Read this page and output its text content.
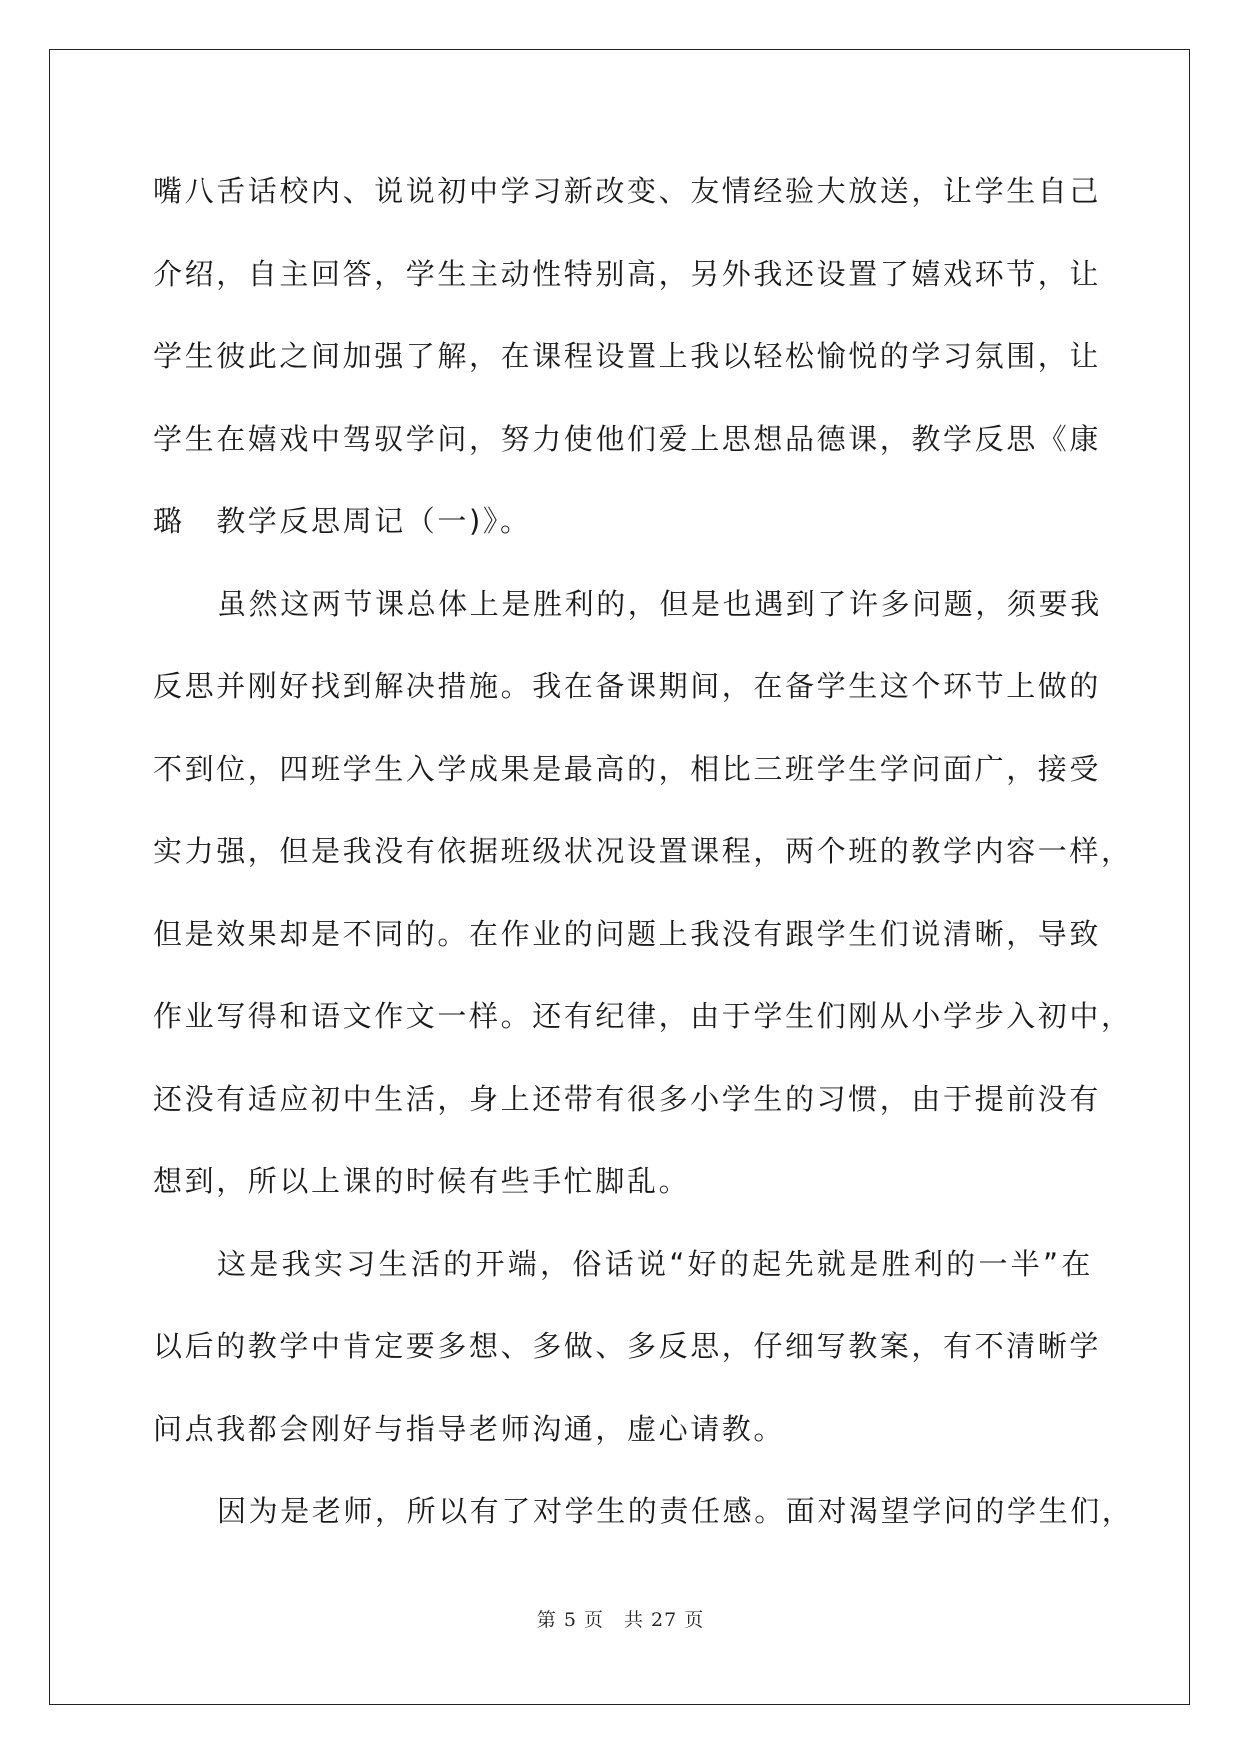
嘴八舌话校内、说说初中学习新改变、友情经验大放送，让学生自己
介绍，自主回答，学生主动性特别高，另外我还设置了嬉戏环节，让
学生彼此之间加强了解，在课程设置上我以轻松愉悦的学习氛围，让
学生在嬉戏中驾驭学问，努力使他们爱上思想品德课，教学反思《康
璐　教学反思周记（一)》。
虽然这两节课总体上是胜利的，但是也遇到了许多问题，须要我
反思并刚好找到解决措施。我在备课期间，在备学生这个环节上做的
不到位，四班学生入学成果是最高的，相比三班学生学问面广，接受
实力强，但是我没有依据班级状况设置课程，两个班的教学内容一样，
但是效果却是不同的。在作业的问题上我没有跟学生们说清晰，导致
作业写得和语文作文一样。还有纪律，由于学生们刚从小学步入初中，
还没有适应初中生活，身上还带有很多小学生的习惯，由于提前没有
想到，所以上课的时候有些手忙脚乱。
这是我实习生活的开端，俗话说“好的起先就是胜利的一半”在
以后的教学中肯定要多想、多做、多反思，仔细写教案，有不清晰学
问点我都会刚好与指导老师沟通，虚心请教。
因为是老师，所以有了对学生的责任感。面对渴望学问的学生们，
第 5 页　共 27 页
